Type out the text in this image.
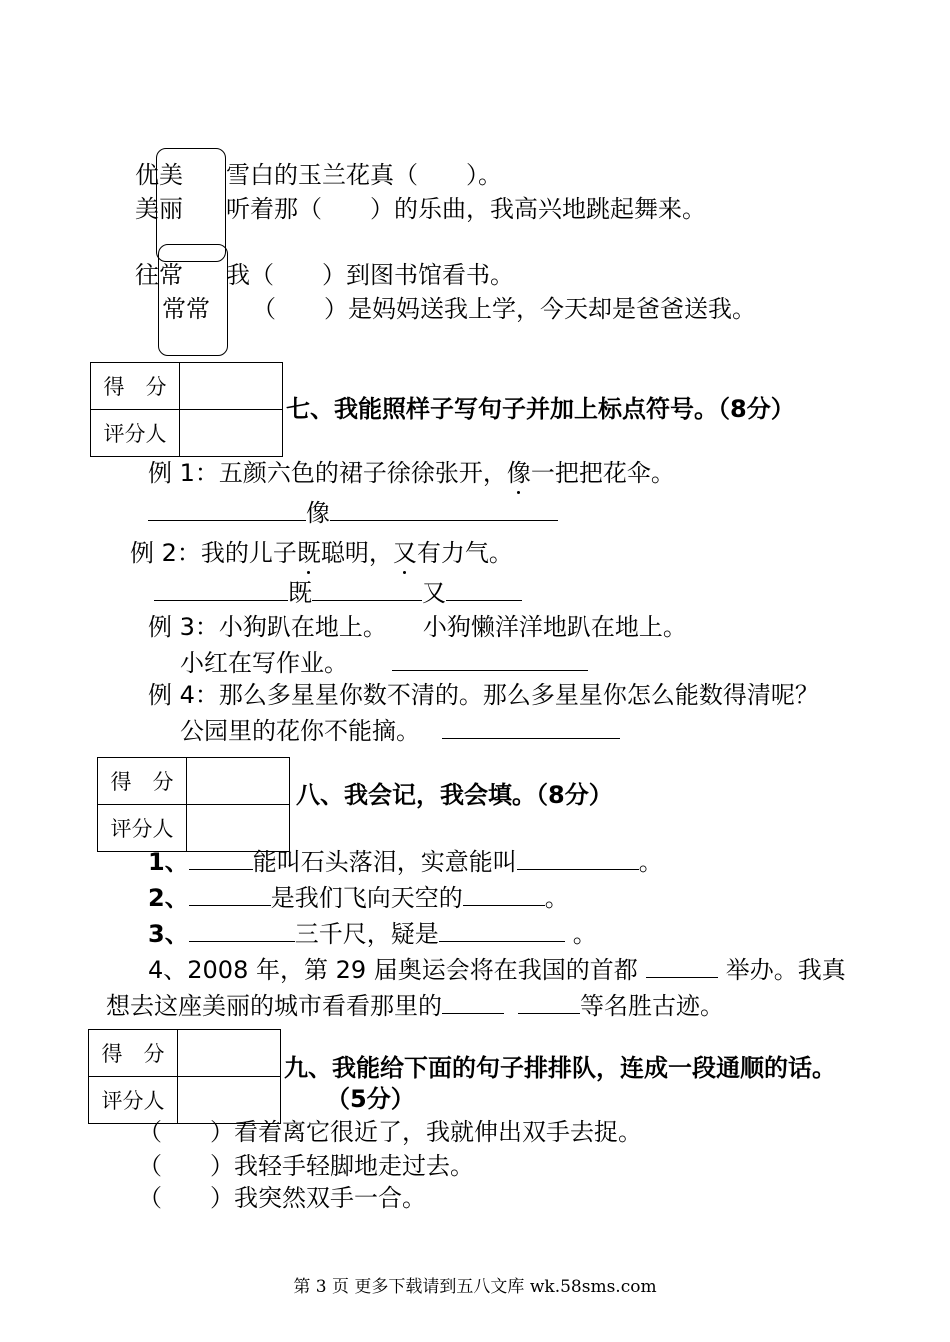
优美 雪白的玉兰花真（　　）。
美丽 听着那（　　）的乐曲，我高兴地跳起舞来。
往常 我（　　）到图书馆看书。
常常 （　　）是妈妈送我上学，今天却是爸爸送我。
得　分	
评分人	
七、我能照样子写句子并加上标点符号。（8分）
例 1：五颜六色的裙子徐徐张开，像一把把花伞。
像
例 2：我的儿子既聪明，又有力气。
既	又
例 3：小狗趴在地上。　　小狗懒洋洋地趴在地上。
小红在写作业。
例 4：那么多星星你数不清的。那么多星星你怎么能数得清呢？
公园里的花你不能摘。
得　分	
评分人	
八、我会记，我会填。（8分）
1、	能叫石头落泪，实意能叫	。
2、	是我们飞向天空的	。
3、	三千尺，疑是	。
4、2008 年，第 29 届奥运会将在我国的首都	举办。我真
想去这座美丽的城市看看那里的	等名胜古迹。
得　分	
评分人	
九、我能给下面的句子排排队，连成一段通顺的话。
（5分）
（　　）看着离它很近了，我就伸出双手去捉。
（　　）我轻手轻脚地走过去。
（　　）我突然双手一合。
第 3 页 更多下载请到五八文库 wk.58sms.com
